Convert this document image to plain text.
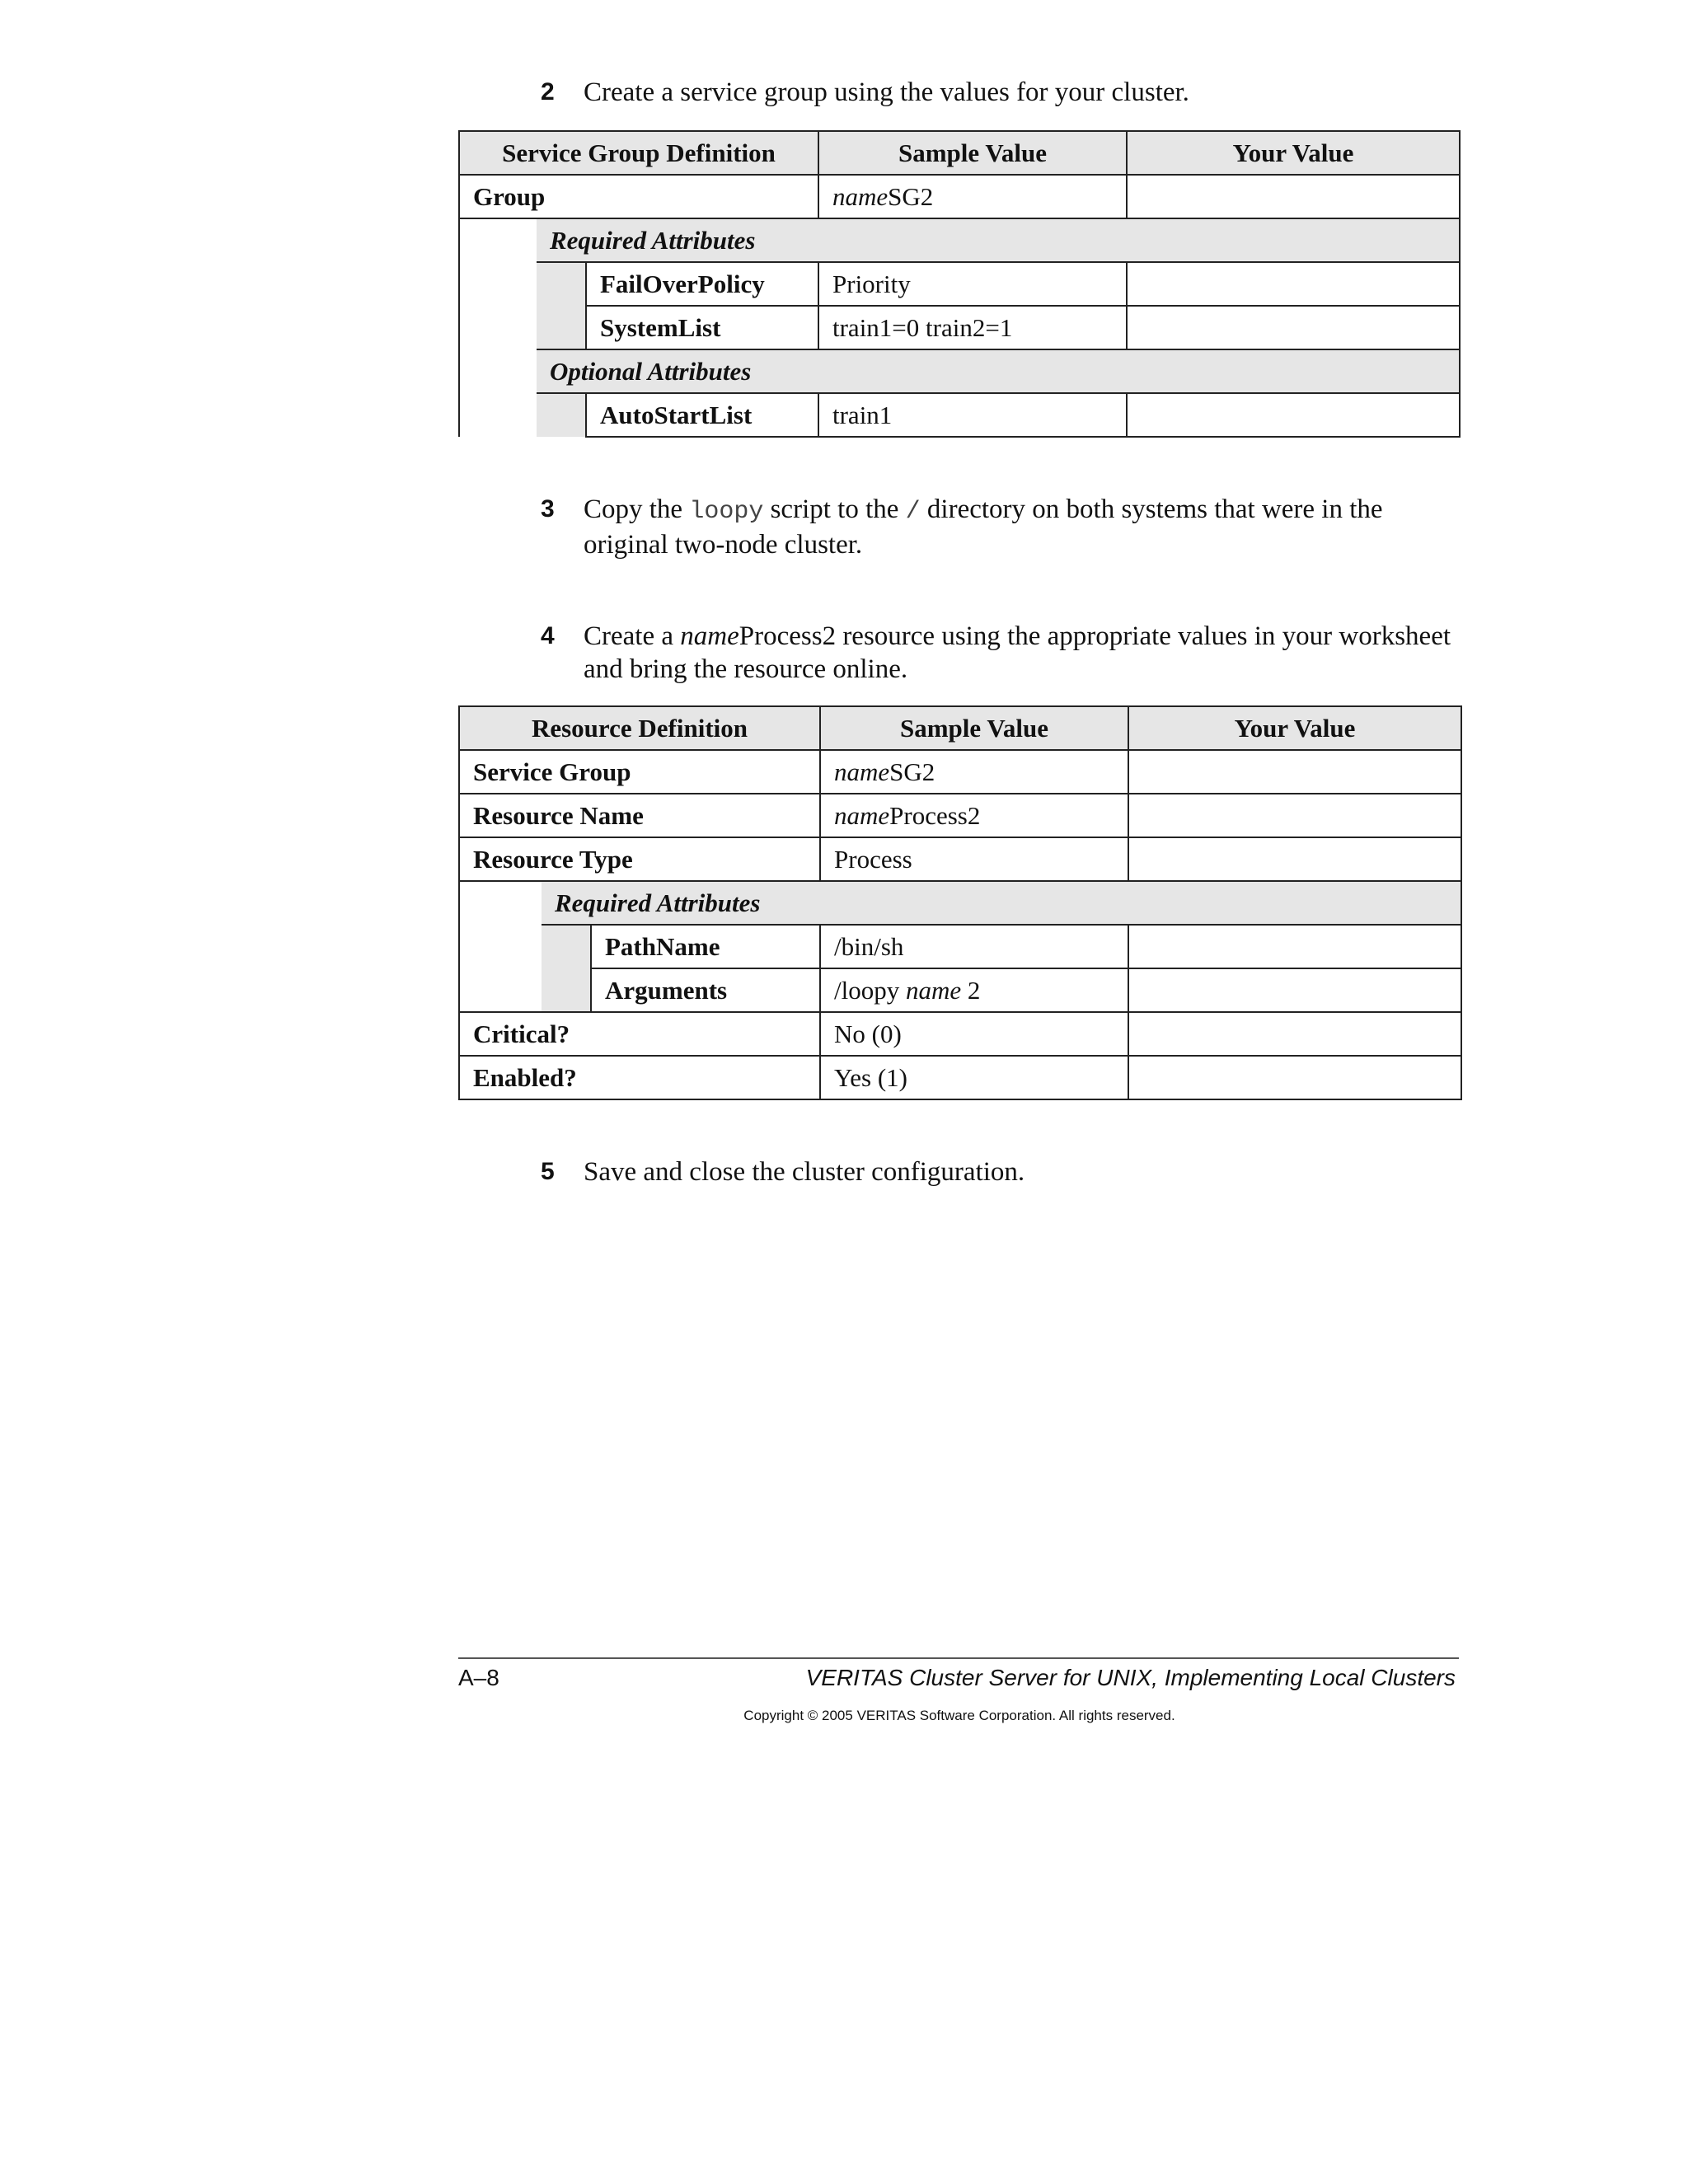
2 Create a service group using the values for your cluster.
Service Group Definition			Sample Value	Your Value
Group			nameSG2	
	Required Attributes			
		FailOverPolicy	Priority	
		SystemList	train1=0 train2=1	
	Optional Attributes			
		AutoStartList	train1	
3 Copy the loopy script to the / directory on both systems that were in the original two-node cluster.
4 Create a nameProcess2 resource using the appropriate values in your worksheet and bring the resource online.
Resource Definition			Sample Value	Your Value
Service Group			nameSG2	
Resource Name			nameProcess2	
Resource Type			Process	
	Required Attributes			
		PathName	/bin/sh	
		Arguments	/loopy name 2	
Critical?			No (0)	
Enabled?			Yes (1)	
5 Save and close the cluster configuration.
A–8	VERITAS Cluster Server for UNIX, Implementing Local Clusters
Copyright © 2005 VERITAS Software Corporation. All rights reserved.
